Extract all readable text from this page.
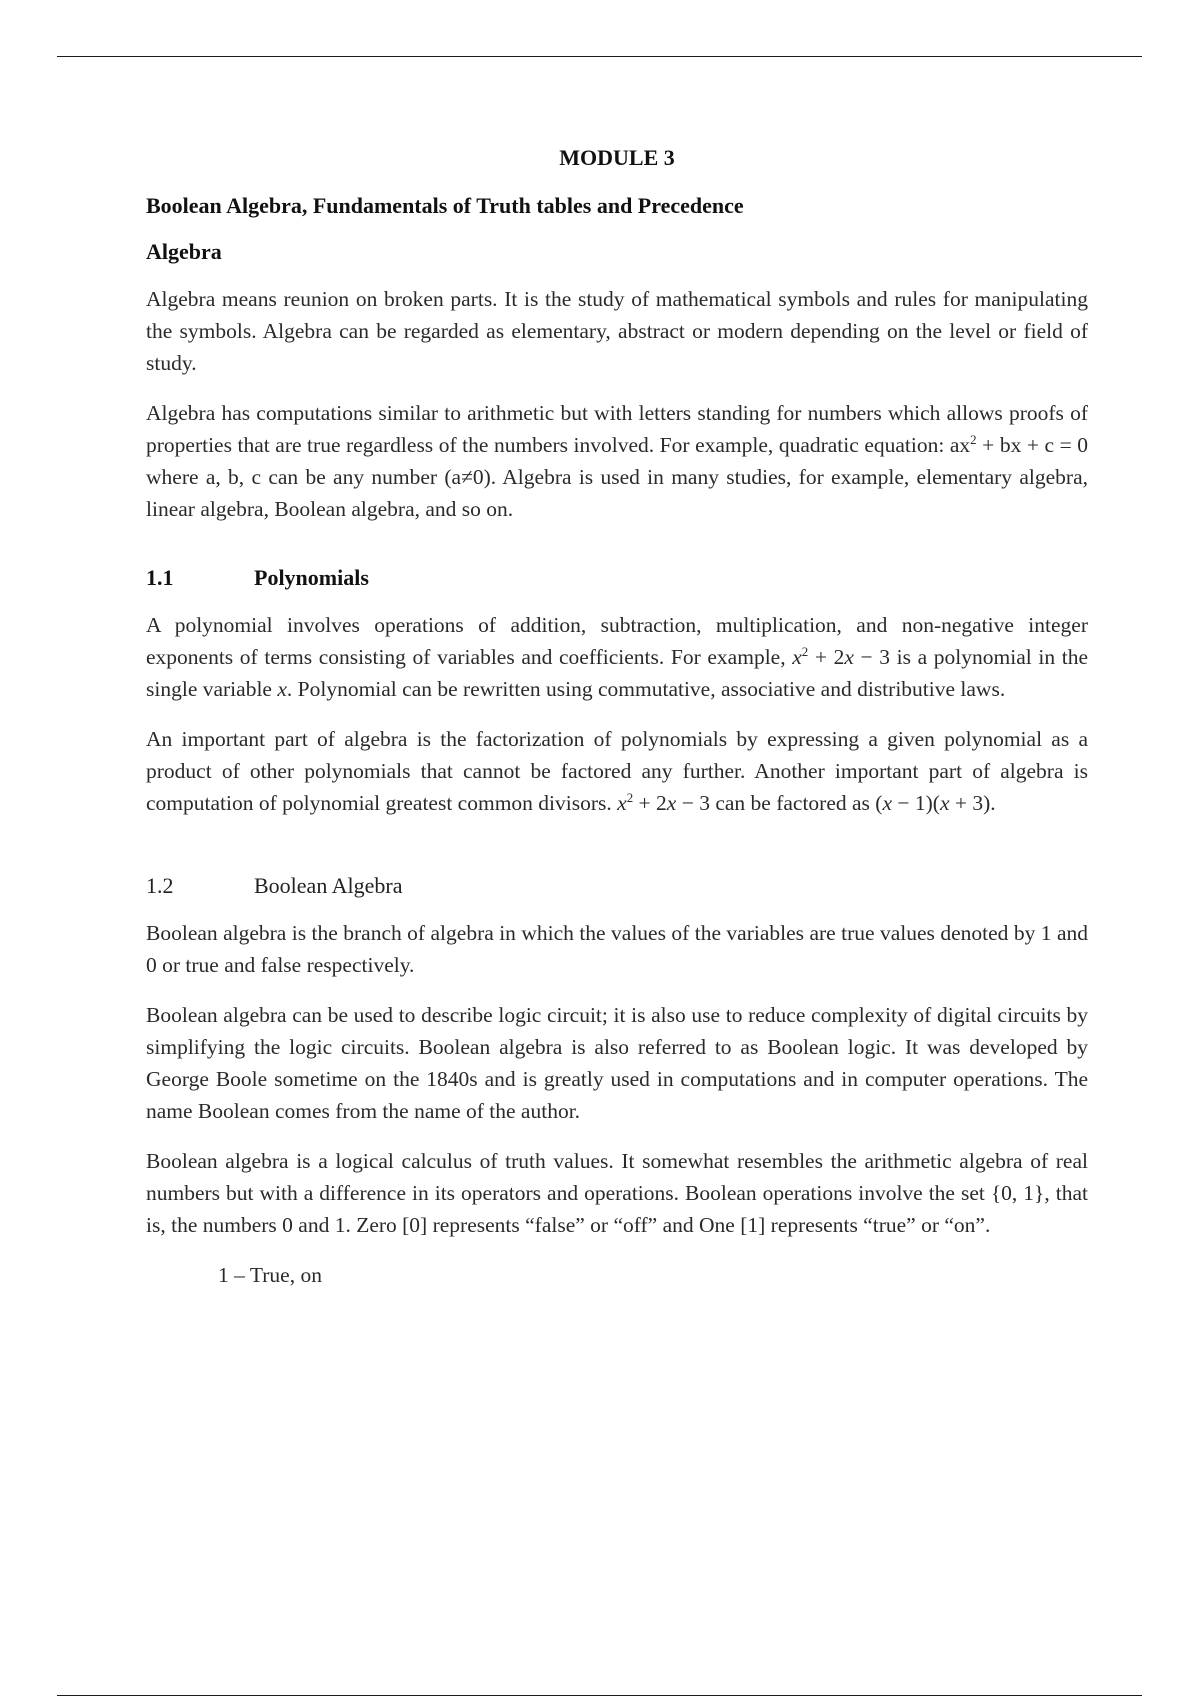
MODULE 3
Boolean Algebra, Fundamentals of Truth tables and Precedence
Algebra

Algebra means reunion on broken parts. It is the study of mathematical symbols and rules for manipulating the symbols. Algebra can be regarded as elementary, abstract or modern depending on the level or field of study.

Algebra has computations similar to arithmetic but with letters standing for numbers which allows proofs of properties that are true regardless of the numbers involved. For example, quadratic equation: $ax^2$ + bx + c = 0 where a, b, c can be any number (a≠0). Algebra is used in many studies, for example, elementary algebra, linear algebra, Boolean algebra, and so on.

1.1	Polynomials

A polynomial involves operations of addition, subtraction, multiplication, and non-negative integer exponents of terms consisting of variables and coefficients. For example, $x^2 + 2x - 3$ is a polynomial in the single variable x. Polynomial can be rewritten using commutative, associative and distributive laws.

An important part of algebra is the factorization of polynomials by expressing a given polynomial as a product of other polynomials that cannot be factored any further. Another important part of algebra is computation of polynomial greatest common divisors. $x^2 + 2x - 3$ can be factored as (x − 1)(x + 3).

1.2	Boolean Algebra

Boolean algebra is the branch of algebra in which the values of the variables are true values denoted by 1 and 0 or true and false respectively.

Boolean algebra can be used to describe logic circuit; it is also use to reduce complexity of digital circuits by simplifying the logic circuits. Boolean algebra is also referred to as Boolean logic. It was developed by George Boole sometime on the 1840s and is greatly used in computations and in computer operations. The name Boolean comes from the name of the author.

Boolean algebra is a logical calculus of truth values. It somewhat resembles the arithmetic algebra of real numbers but with a difference in its operators and operations. Boolean operations involve the set {0, 1}, that is, the numbers 0 and 1. Zero [0] represents “false” or “off” and One [1] represents “true” or “on”.

1 – True, on
